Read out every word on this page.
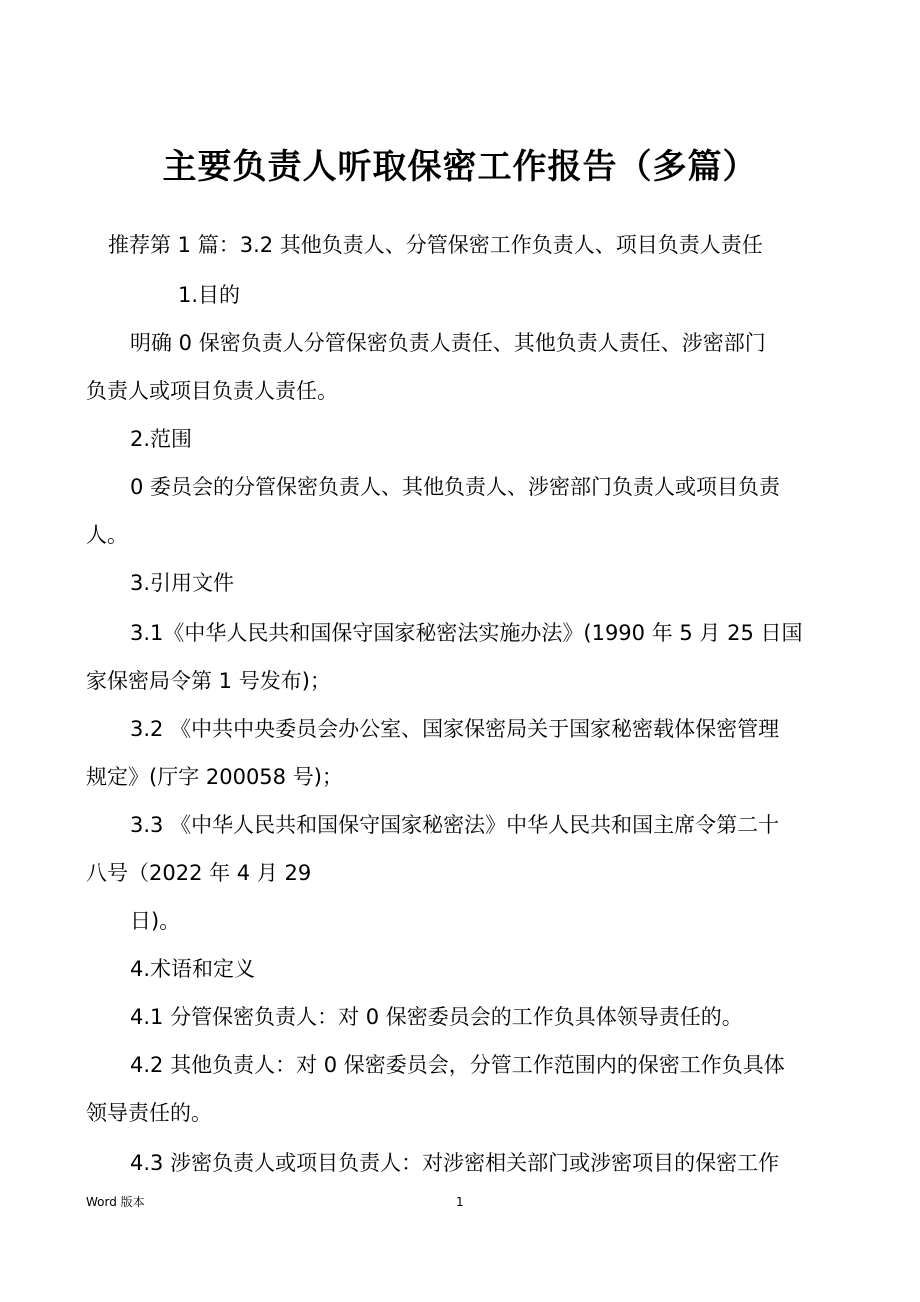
主要负责人听取保密工作报告（多篇）
推荐第 1 篇：3.2 其他负责人、分管保密工作负责人、项目负责人责任
1.目的
明确 0 保密负责人分管保密负责人责任、其他负责人责任、涉密部门
负责人或项目负责人责任。
2.范围
0 委员会的分管保密负责人、其他负责人、涉密部门负责人或项目负责
人。
3.引用文件
3.1《中华人民共和国保守国家秘密法实施办法》(1990 年 5 月 25 日国
家保密局令第 1 号发布)；
3.2 《中共中央委员会办公室、国家保密局关于国家秘密载体保密管理
规定》(厅字 200058 号)；
3.3 《中华人民共和国保守国家秘密法》中华人民共和国主席令第二十
八号（2022 年 4 月 29
日)。
4.术语和定义
4.1 分管保密负责人：对 0 保密委员会的工作负具体领导责任的。
4.2 其他负责人：对 0 保密委员会，分管工作范围内的保密工作负具体
领导责任的。
4.3 涉密负责人或项目负责人：对涉密相关部门或涉密项目的保密工作
Word 版本	1
